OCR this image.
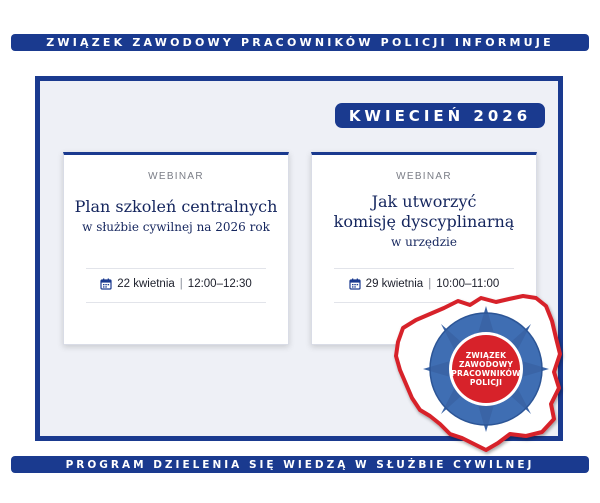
ZWIĄZEK ZAWODOWY PRACOWNIKÓW POLICJI INFORMUJE
KWIECIEŃ 2026
WEBINAR
Plan szkoleń centralnych
w służbie cywilnej na 2026 rok
22 kwietnia | 12:00–12:30
WEBINAR
Jak utworzyć
komisję dyscyplinarną
w urzędzie
29 kwietnia | 10:00–11:00
ZWIĄZEK
ZAWODOWY
PRACOWNIKÓW
POLICJI
PROGRAM DZIELENIA SIĘ WIEDZĄ W SŁUŻBIE CYWILNEJ
